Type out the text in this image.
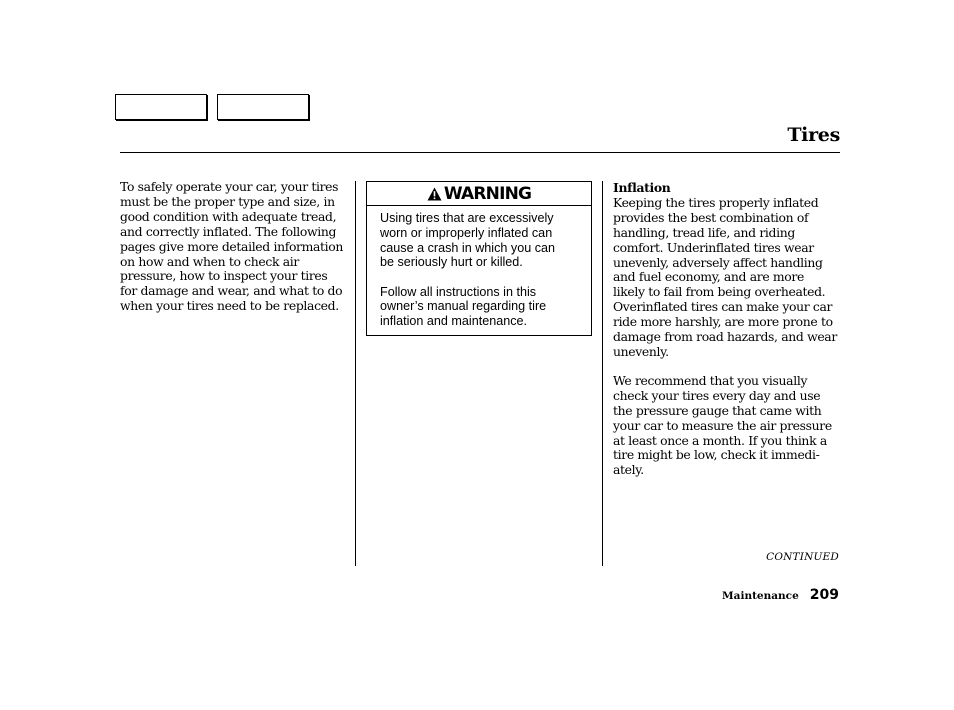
Tires
To safely operate your car, your tires
must be the proper type and size, in
good condition with adequate tread,
and correctly inflated. The following
pages give more detailed information
on how and when to check air
pressure, how to inspect your tires
for damage and wear, and what to do
when your tires need to be replaced.
WARNING

Using tires that are excessively
worn or improperly inflated can
cause a crash in which you can
be seriously hurt or killed.

Follow all instructions in this
owner’s manual regarding tire
inflation and maintenance.

Inflation
Keeping the tires properly inflated
provides the best combination of
handling, tread life, and riding
comfort. Underinflated tires wear
unevenly, adversely affect handling
and fuel economy, and are more
likely to fail from being overheated.
Overinflated tires can make your car
ride more harshly, are more prone to
damage from road hazards, and wear
unevenly.

We recommend that you visually
check your tires every day and use
the pressure gauge that came with
your car to measure the air pressure
at least once a month. If you think a
tire might be low, check it immedi-
ately.

CONTINUED
Maintenance 209
